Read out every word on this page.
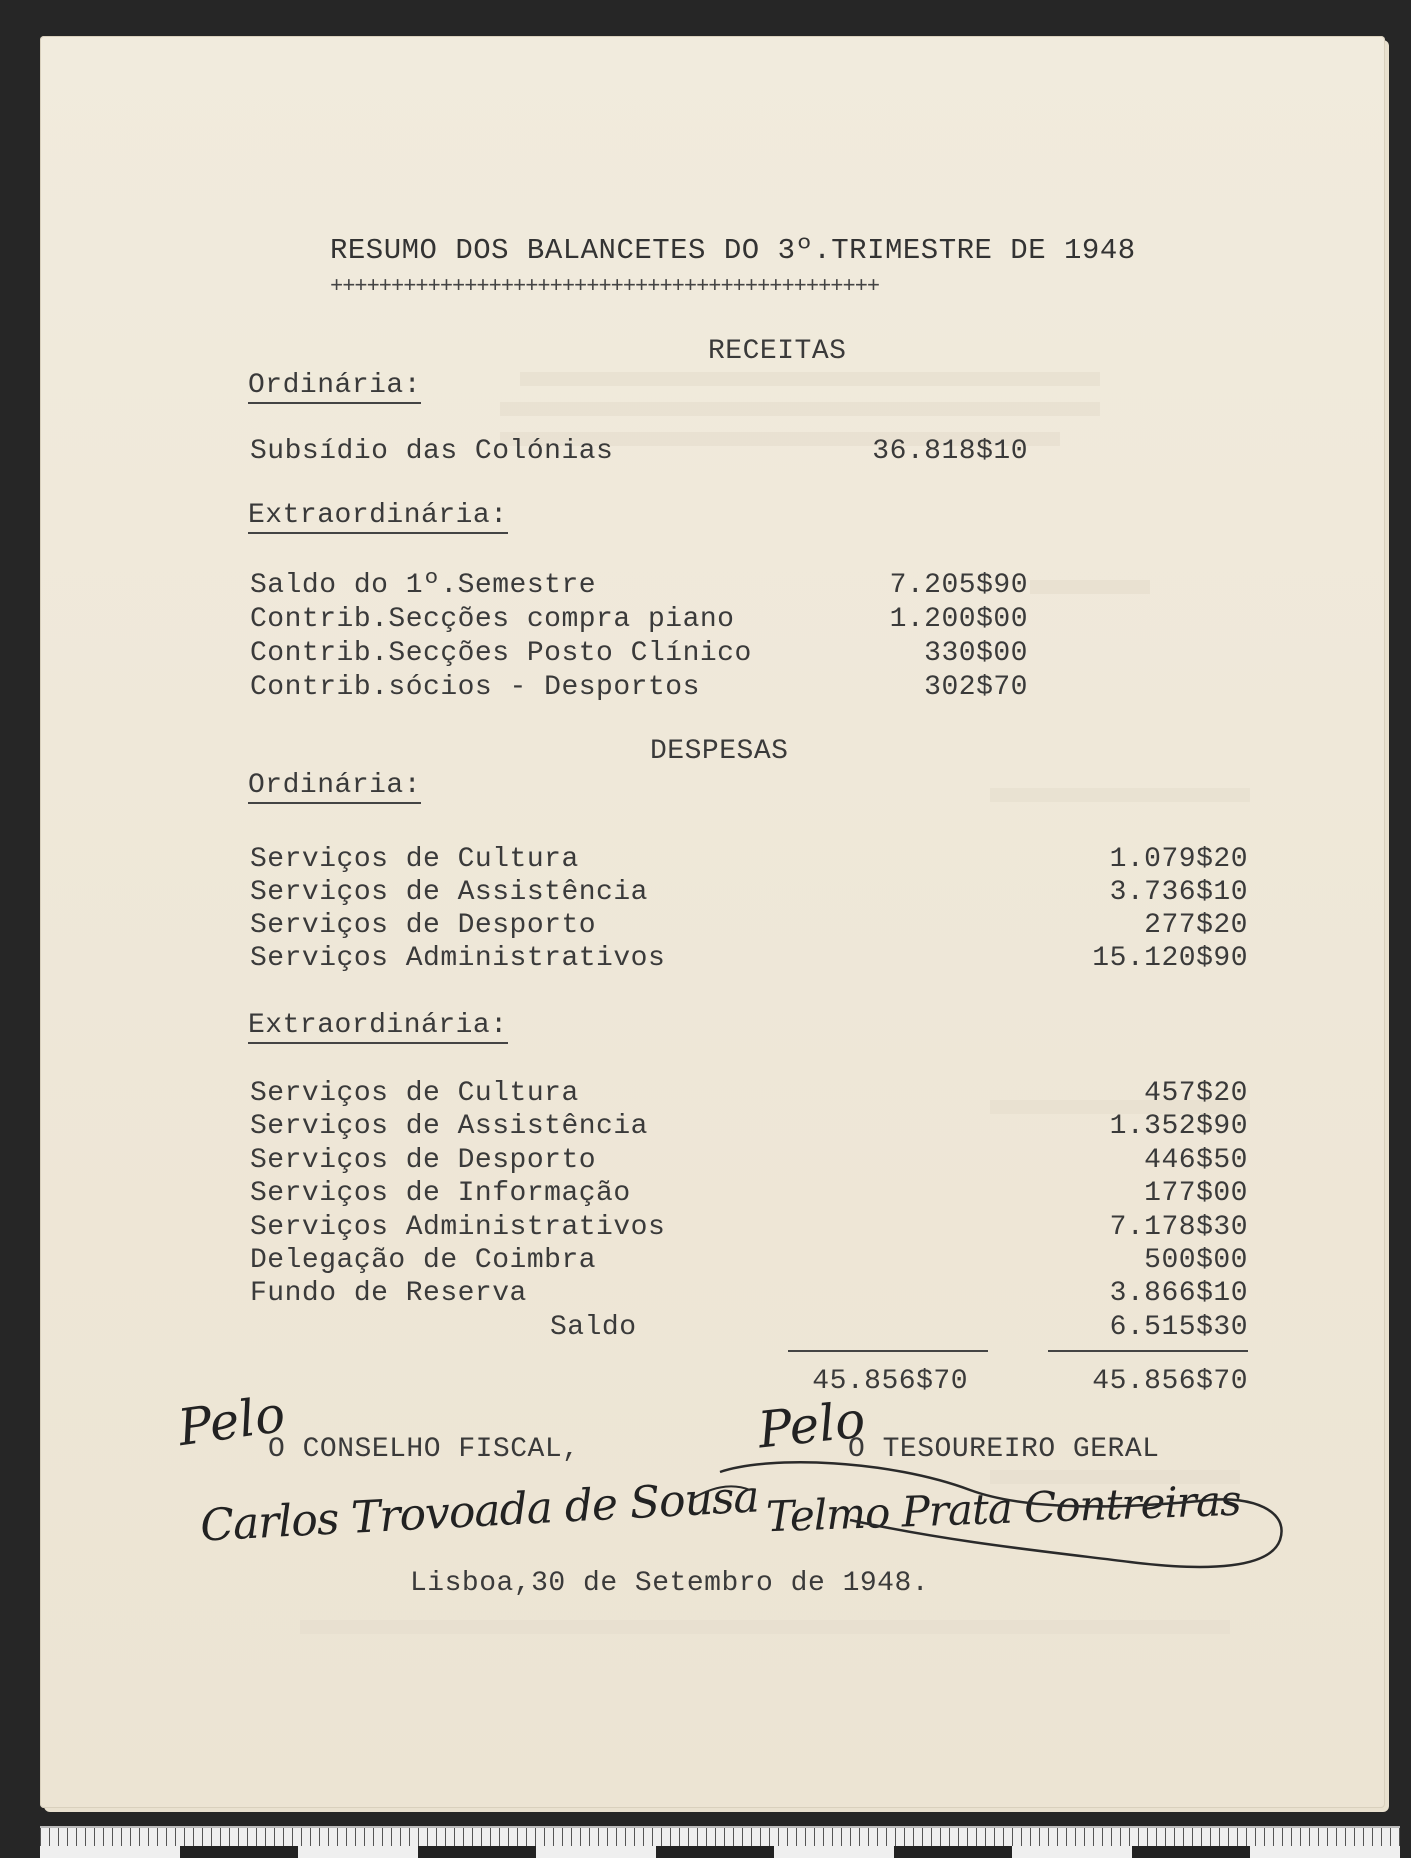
RESUMO DOS BALANCETES DO 3º.TRIMESTRE DE 1948
+++++++++++++++++++++++++++++++++++++++++++++
RECEITAS
Ordinária:
Subsídio das Colónias	36.818$10
Extraordinária:
Saldo do 1º.Semestre	7.205$90
Contrib.Secções compra piano	1.200$00
Contrib.Secções Posto Clínico	330$00
Contrib.sócios - Desportos	302$70
DESPESAS
Ordinária:
Serviços de Cultura	1.079$20
Serviços de Assistência	3.736$10
Serviços de Desporto	277$20
Serviços Administrativos	15.120$90
Extraordinária:
Serviços de Cultura	457$20
Serviços de Assistência	1.352$90
Serviços de Desporto	446$50
Serviços de Informação	177$00
Serviços Administrativos	7.178$30
Delegação de Coimbra	500$00
Fundo de Reserva	3.866$10
Saldo	6.515$30
45.856$70	45.856$70
Pelo
O CONSELHO FISCAL,
Carlos Trovoada de Sousa
Pelo
O TESOUREIRO GERAL
Telmo Prata Contreiras
Lisboa,30 de Setembro de 1948.
